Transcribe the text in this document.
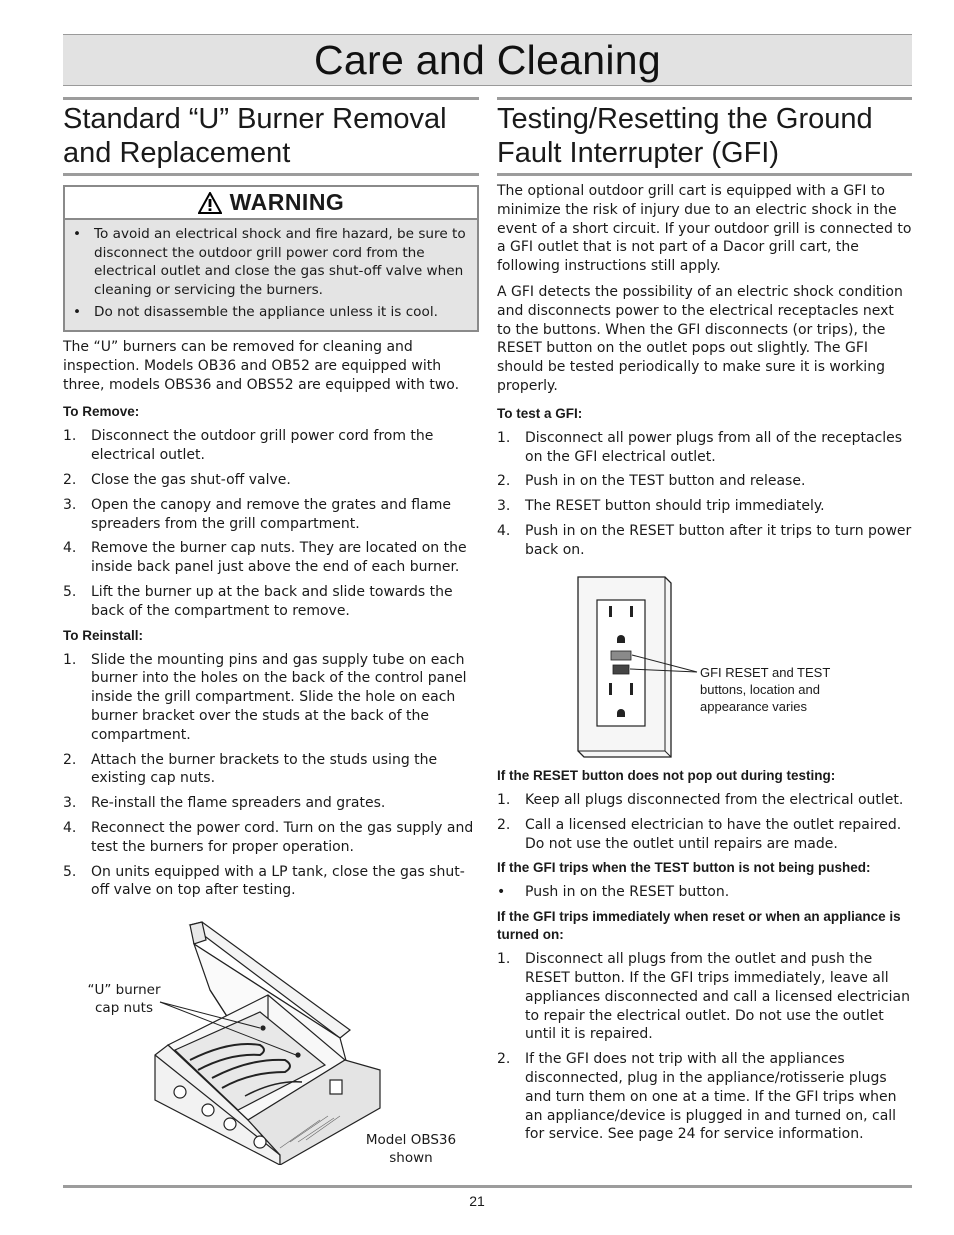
Care and Cleaning
Standard “U” Burner Removal
and Replacement
WARNING
• To avoid an electrical shock and fire hazard, be sure to disconnect the outdoor grill power cord from the electrical outlet and close the gas shut-off valve when cleaning or servicing the burners.
• Do not disassemble the appliance unless it is cool.

The “U” burners can be removed for cleaning and inspection. Models OB36 and OB52 are equipped with three, models OBS36 and OBS52 are equipped with two.

To Remove:
1. Disconnect the outdoor grill power cord from the electrical outlet.
2. Close the gas shut-off valve.
3. Open the canopy and remove the grates and flame spreaders from the grill compartment.
4. Remove the burner cap nuts. They are located on the inside back panel just above the end of each burner.
5. Lift the burner up at the back and slide towards the back of the compartment to remove.
To Reinstall:
1. Slide the mounting pins and gas supply tube on each burner into the holes on the back of the control panel inside the grill compartment. Slide the hole on each burner bracket over the studs at the back of the compartment.
2. Attach the burner brackets to the studs using the existing cap nuts.
3. Re-install the flame spreaders and grates.
4. Reconnect the power cord. Turn on the gas supply and test the burners for proper operation.
5. On units equipped with a LP tank, close the gas shut-off valve on top after testing.
“U” burner
cap nuts
Model OBS36
shown
Testing/Resetting the Ground
Fault Interrupter (GFI)

The optional outdoor grill cart is equipped with a GFI to minimize the risk of injury due to an electric shock in the event of a short circuit. If your outdoor grill is connected to a GFI outlet that is not part of a Dacor grill cart, the following instructions still apply.

A GFI detects the possibility of an electric shock condition and disconnects power to the electrical receptacles next to the buttons. When the GFI disconnects (or trips), the RESET button on the outlet pops out slightly. The GFI should be tested periodically to make sure it is working properly.

To test a GFI:
1. Disconnect all power plugs from all of the receptacles on the GFI electrical outlet.
2. Push in on the TEST button and release.
3. The RESET button should trip immediately.
4. Push in on the RESET button after it trips to turn power back on.
GFI RESET and TEST
buttons, location and
appearance varies
If the RESET button does not pop out during testing:
1. Keep all plugs disconnected from the electrical outlet.
2. Call a licensed electrician to have the outlet repaired. Do not use the outlet until repairs are made.
If the GFI trips when the TEST button is not being pushed:
• Push in on the RESET button.
If the GFI trips immediately when reset or when an appliance is turned on:
1. Disconnect all plugs from the outlet and push the RESET button. If the GFI trips immediately, leave all appliances disconnected and call a licensed electrician to repair the electrical outlet. Do not use the outlet until it is repaired.
2. If the GFI does not trip with all the appliances disconnected, plug in the appliance/rotisserie plugs and turn them on one at a time. If the GFI trips when an appliance/device is plugged in and turned on, call for service. See page 24 for service information.
21
